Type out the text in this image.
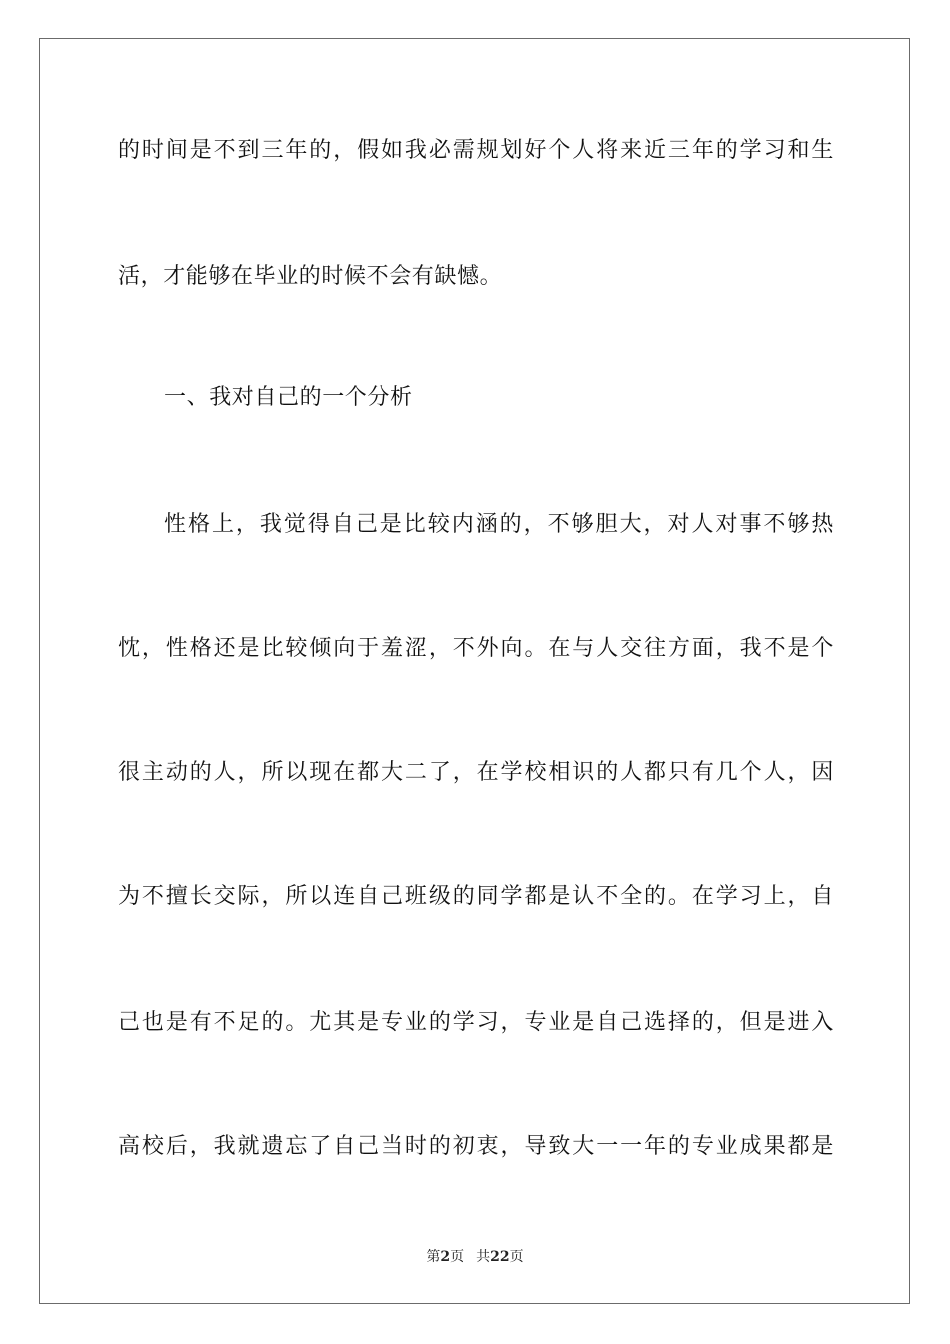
的时间是不到三年的，假如我必需规划好个人将来近三年的学习和生
活，才能够在毕业的时候不会有缺憾。
一、我对自己的一个分析
性格上，我觉得自己是比较内涵的，不够胆大，对人对事不够热
忱，性格还是比较倾向于羞涩，不外向。在与人交往方面，我不是个
很主动的人，所以现在都大二了，在学校相识的人都只有几个人，因
为不擅长交际，所以连自己班级的同学都是认不全的。在学习上，自
己也是有不足的。尤其是专业的学习，专业是自己选择的，但是进入
高校后，我就遗忘了自己当时的初衷，导致大一一年的专业成果都是
第2页 共22页
